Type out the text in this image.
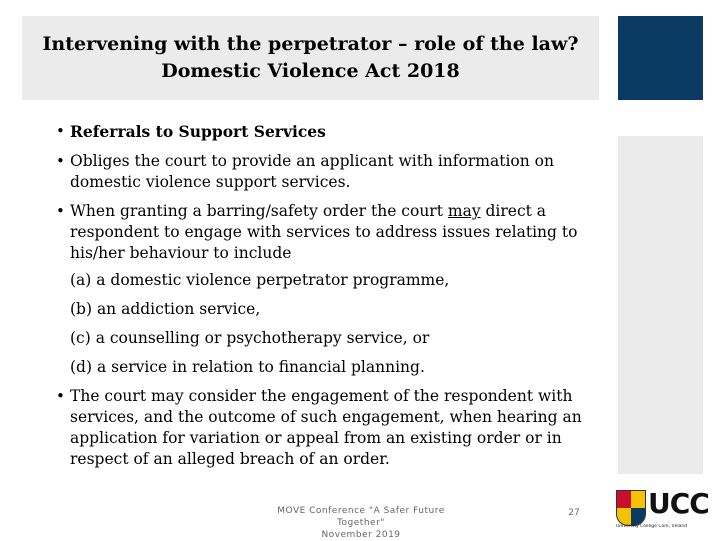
Intervening with the perpetrator – role of the law?
Domestic Violence Act 2018
• Referrals to Support Services
• Obliges the court to provide an applicant with information on domestic violence support services.
• When granting a barring/safety order the court may direct a respondent to engage with services to address issues relating to his/her behaviour to include
(a) a domestic violence perpetrator programme,
(b) an addiction service,
(c) a counselling or psychotherapy service, or
(d) a service in relation to financial planning.
• The court may consider the engagement of the respondent with services, and the outcome of such engagement, when hearing an application for variation or appeal from an existing order or in respect of an alleged breach of an order.
MOVE Conference "A Safer Future Together"
November 2019
27 UCC
University College Cork, Ireland
